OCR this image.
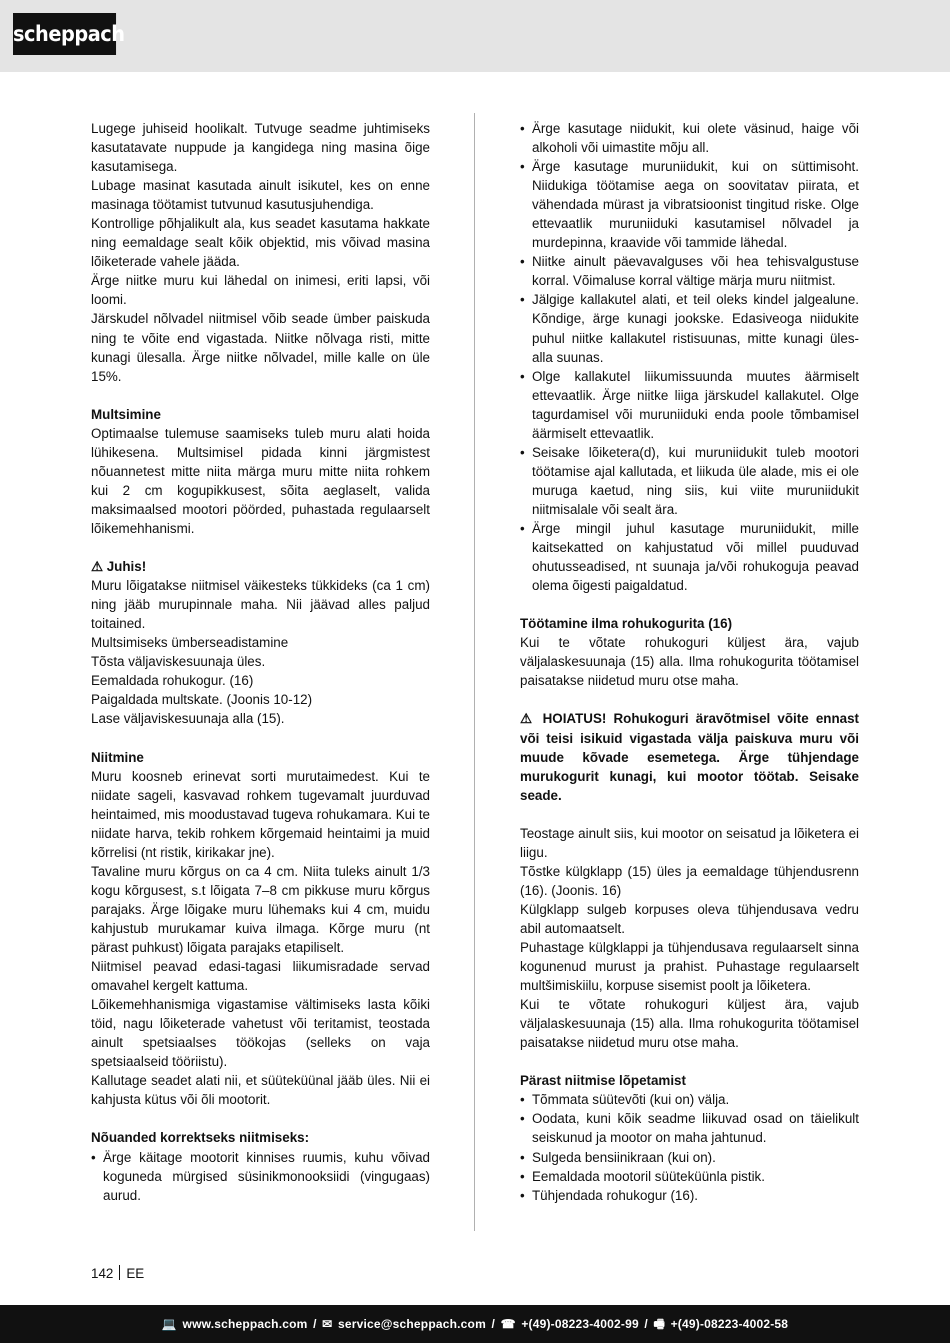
scheppach

Lugege juhiseid hoolikalt. Tutvuge seadme juhtimiseks kasutatavate nuppude ja kangidega ning masina õige kasutamisega.

Lubage masinat kasutada ainult isikutel, kes on enne masinaga töötamist tutvunud kasutusjuhendiga.

Kontrollige põhjalikult ala, kus seadet kasutama hakkate ning eemaldage sealt kõik objektid, mis võivad masina lõiketerade vahele jääda.

Ärge niitke muru kui lähedal on inimesi, eriti lapsi, või loomi.

Järskudel nõlvadel niitmisel võib seade ümber paiskuda ning te võite end vigastada. Niitke nõlvaga risti, mitte kunagi ülesalla. Ärge niitke nõlvadel, mille kalle on üle 15%.

Multsimine

Optimaalse tulemuse saamiseks tuleb muru alati hoida lühikesena. Multsimisel pidada kinni järgmistest nõuannetest mitte niita märga muru mitte niita rohkem kui 2 cm kogupikkusest, sõita aeglaselt, valida maksimaalsed mootori pöörded, puhastada regulaarselt lõikemehhanismi.

⚠ Juhis!

Muru lõigatakse niitmisel väikesteks tükkideks (ca 1 cm) ning jääb murupinnale maha. Nii jäävad alles paljud toitained.

Multsimiseks ümberseadistamine

Tõsta väljaviskesuunaja üles.

Eemaldada rohukogur. (16)

Paigaldada multskate. (Joonis 10-12)

Lase väljaviskesuunaja alla (15).

Niitmine

Muru koosneb erinevat sorti murutaimedest. Kui te niidate sageli, kasvavad rohkem tugevamalt juurduvad heintaimed, mis moodustavad tugeva rohukamara. Kui te niidate harva, tekib rohkem kõrgemaid heintaimi ja muid kõrrelisi (nt ristik, kirikakar jne).

Tavaline muru kõrgus on ca 4 cm. Niita tuleks ainult 1/3 kogu kõrgusest, s.t lõigata 7–8 cm pikkuse muru kõrgus parajaks. Ärge lõigake muru lühemaks kui 4 cm, muidu kahjustub murukamar kuiva ilmaga. Kõrge muru (nt pärast puhkust) lõigata parajaks etapiliselt.

Niitmisel peavad edasi-tagasi liikumisradade servad omavahel kergelt kattuma.

Lõikemehhanismiga vigastamise vältimiseks lasta kõiki töid, nagu lõiketerade vahetust või teritamist, teostada ainult spetsiaalses töökojas (selleks on vaja spetsiaalseid tööriistu).

Kallutage seadet alati nii, et süüteküünal jääb üles. Nii ei kahjusta kütus või õli mootorit.

Nõuanded korrektseks niitmiseks:

• Ärge käitage mootorit kinnises ruumis, kuhu võivad koguneda mürgised süsinikmonooksiidi (vingugaas) aurud.
• Ärge kasutage niidukit, kui olete väsinud, haige või alkoholi või uimastite mõju all.
• Ärge kasutage muruniidukit, kui on süttimisoht. Niidukiga töötamise aega on soovitatav piirata, et vähendada mürast ja vibratsioonist tingitud riske. Olge ettevaatlik muruniiduki kasutamisel nõlvadel ja murdepinna, kraavide või tammide lähedal.
• Niitke ainult päevavalguses või hea tehisvalgustuse korral. Võimaluse korral vältige märja muru niitmist.
• Jälgige kallakutel alati, et teil oleks kindel jalgealune. Kõndige, ärge kunagi jookske. Edasiveoga niidukite puhul niitke kallakutel ristisuunas, mitte kunagi üles-alla suunas.
• Olge kallakutel liikumissuunda muutes äärmiselt ettevaatlik. Ärge niitke liiga järskudel kallakutel. Olge tagurdamisel või muruniiduki enda poole tõmbamisel äärmiselt ettevaatlik.
• Seisake lõiketera(d), kui muruniidukit tuleb mootori töötamise ajal kallutada, et liikuda üle alade, mis ei ole muruga kaetud, ning siis, kui viite muruniidukit niitmisalale või sealt ära.
• Ärge mingil juhul kasutage muruniidukit, mille kaitsekatted on kahjustatud või millel puuduvad ohutusseadised, nt suunaja ja/või rohukoguja peavad olema õigesti paigaldatud.

Töötamine ilma rohukogurita (16)

Kui te võtate rohukoguri küljest ära, vajub väljalaskesuunaja (15) alla. Ilma rohukogurita töötamisel paisatakse niidetud muru otse maha.

⚠ HOIATUS! Rohukoguri äravõtmisel võite ennast või teisi isikuid vigastada välja paiskuva muru või muude kõvade esemetega. Ärge tühjendage murukogurit kunagi, kui mootor töötab. Seisake seade.

Teostage ainult siis, kui mootor on seisatud ja lõiketera ei liigu.

Tõstke külgklapp (15) üles ja eemaldage tühjendusrenn (16). (Joonis. 16)

Külgklapp sulgeb korpuses oleva tühjendusava vedru abil automaatselt.

Puhastage külgklappi ja tühjendusava regulaarselt sinna kogunenud murust ja prahist. Puhastage regulaarselt multšimiskiilu, korpuse sisemist poolt ja lõiketera.

Kui te võtate rohukoguri küljest ära, vajub väljalaskesuunaja (15) alla. Ilma rohukogurita töötamisel paisatakse niidetud muru otse maha.

Pärast niitmise lõpetamist

• Tõmmata süütevõti (kui on) välja.
• Oodata, kuni kõik seadme liikuvad osad on täielikult seiskunud ja mootor on maha jahtunud.
• Sulgeda bensiinikraan (kui on).
• Eemaldada mootoril süüteküünla pistik.
• Tühjendada rohukogur (16).
142 EE
💻 www.scheppach.com / ✉ service@scheppach.com / ☎ +(49)-08223-4002-99 / 🖷 +(49)-08223-4002-58
